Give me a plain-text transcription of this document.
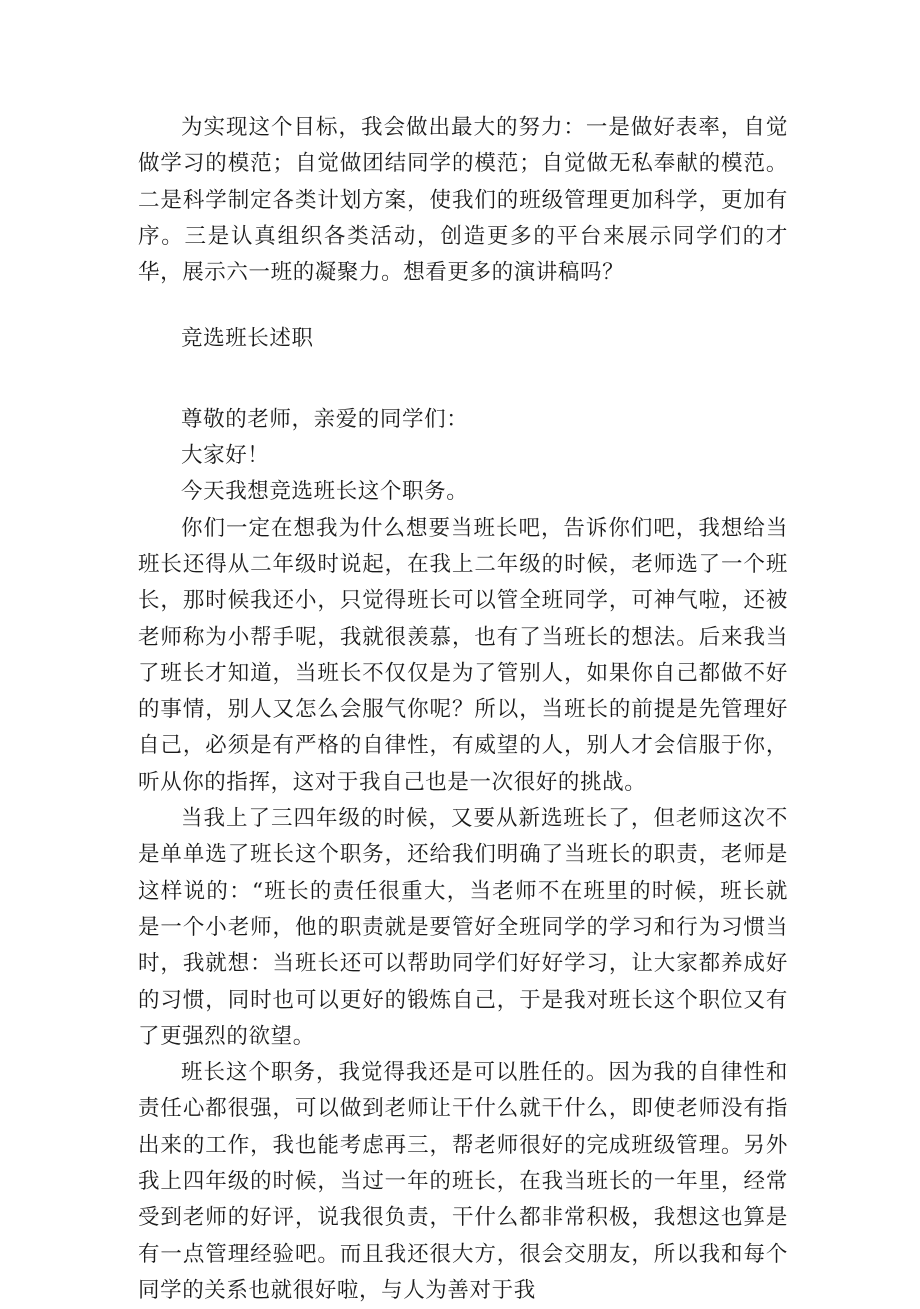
为实现这个目标，我会做出最大的努力：一是做好表率，自觉做学习的模范；自觉做团结同学的模范；自觉做无私奉献的模范。二是科学制定各类计划方案，使我们的班级管理更加科学，更加有序。三是认真组织各类活动，创造更多的平台来展示同学们的才华，展示六一班的凝聚力。想看更多的演讲稿吗？

竞选班长述职

尊敬的老师，亲爱的同学们：

大家好！

今天我想竞选班长这个职务。

你们一定在想我为什么想要当班长吧，告诉你们吧，我想给当班长还得从二年级时说起，在我上二年级的时候，老师选了一个班长，那时候我还小，只觉得班长可以管全班同学，可神气啦，还被老师称为小帮手呢，我就很羡慕，也有了当班长的想法。后来我当了班长才知道，当班长不仅仅是为了管别人，如果你自己都做不好的事情，别人又怎么会服气你呢？所以，当班长的前提是先管理好自己，必须是有严格的自律性，有威望的人，别人才会信服于你，听从你的指挥，这对于我自己也是一次很好的挑战。

当我上了三四年级的时候，又要从新选班长了，但老师这次不是单单选了班长这个职务，还给我们明确了当班长的职责，老师是这样说的：“班长的责任很重大，当老师不在班里的时候，班长就是一个小老师，他的职责就是要管好全班同学的学习和行为习惯当时，我就想：当班长还可以帮助同学们好好学习，让大家都养成好的习惯，同时也可以更好的锻炼自己，于是我对班长这个职位又有了更强烈的欲望。

班长这个职务，我觉得我还是可以胜任的。因为我的自律性和责任心都很强，可以做到老师让干什么就干什么，即使老师没有指出来的工作，我也能考虑再三，帮老师很好的完成班级管理。另外我上四年级的时候，当过一年的班长，在我当班长的一年里，经常受到老师的好评，说我很负责，干什么都非常积极，我想这也算是有一点管理经验吧。而且我还很大方，很会交朋友，所以我和每个同学的关系也就很好啦，与人为善对于我
